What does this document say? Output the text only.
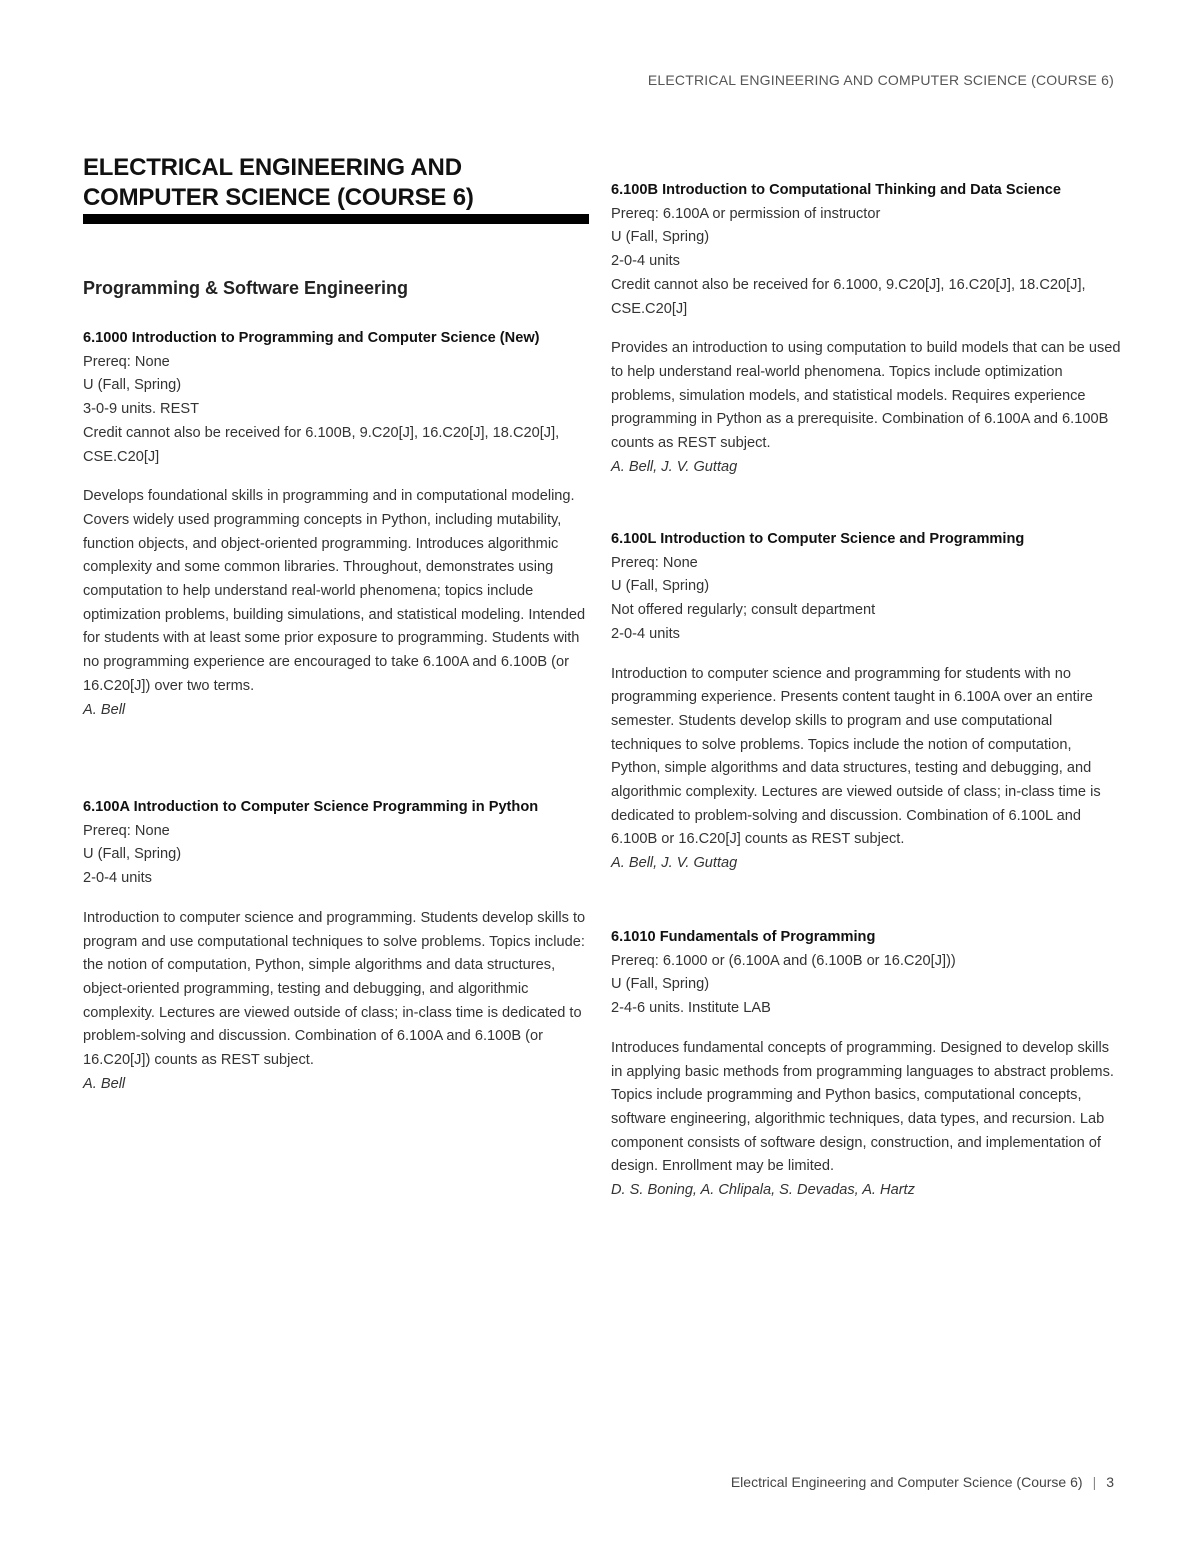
ELECTRICAL ENGINEERING AND COMPUTER SCIENCE (COURSE 6)
ELECTRICAL ENGINEERING AND COMPUTER SCIENCE (COURSE 6)
Programming & Software Engineering
6.1000 Introduction to Programming and Computer Science (New)
Prereq: None
U (Fall, Spring)
3-0-9 units. REST
Credit cannot also be received for 6.100B, 9.C20[J], 16.C20[J], 18.C20[J], CSE.C20[J]
Develops foundational skills in programming and in computational modeling. Covers widely used programming concepts in Python, including mutability, function objects, and object-oriented programming. Introduces algorithmic complexity and some common libraries. Throughout, demonstrates using computation to help understand real-world phenomena; topics include optimization problems, building simulations, and statistical modeling. Intended for students with at least some prior exposure to programming. Students with no programming experience are encouraged to take 6.100A and 6.100B (or 16.C20[J]) over two terms.
A. Bell
6.100A Introduction to Computer Science Programming in Python
Prereq: None
U (Fall, Spring)
2-0-4 units
Introduction to computer science and programming. Students develop skills to program and use computational techniques to solve problems. Topics include: the notion of computation, Python, simple algorithms and data structures, object-oriented programming, testing and debugging, and algorithmic complexity. Lectures are viewed outside of class; in-class time is dedicated to problem-solving and discussion. Combination of 6.100A and 6.100B (or 16.C20[J]) counts as REST subject.
A. Bell
6.100B Introduction to Computational Thinking and Data Science
Prereq: 6.100A or permission of instructor
U (Fall, Spring)
2-0-4 units
Credit cannot also be received for 6.1000, 9.C20[J], 16.C20[J], 18.C20[J], CSE.C20[J]
Provides an introduction to using computation to build models that can be used to help understand real-world phenomena. Topics include optimization problems, simulation models, and statistical models. Requires experience programming in Python as a prerequisite. Combination of 6.100A and 6.100B counts as REST subject.
A. Bell, J. V. Guttag
6.100L Introduction to Computer Science and Programming
Prereq: None
U (Fall, Spring)
Not offered regularly; consult department
2-0-4 units
Introduction to computer science and programming for students with no programming experience. Presents content taught in 6.100A over an entire semester. Students develop skills to program and use computational techniques to solve problems. Topics include the notion of computation, Python, simple algorithms and data structures, testing and debugging, and algorithmic complexity. Lectures are viewed outside of class; in-class time is dedicated to problem-solving and discussion. Combination of 6.100L and 6.100B or 16.C20[J] counts as REST subject.
A. Bell, J. V. Guttag
6.1010 Fundamentals of Programming
Prereq: 6.1000 or (6.100A and (6.100B or 16.C20[J]))
U (Fall, Spring)
2-4-6 units. Institute LAB
Introduces fundamental concepts of programming. Designed to develop skills in applying basic methods from programming languages to abstract problems. Topics include programming and Python basics, computational concepts, software engineering, algorithmic techniques, data types, and recursion. Lab component consists of software design, construction, and implementation of design. Enrollment may be limited.
D. S. Boning, A. Chlipala, S. Devadas, A. Hartz
Electrical Engineering and Computer Science (Course 6) | 3
